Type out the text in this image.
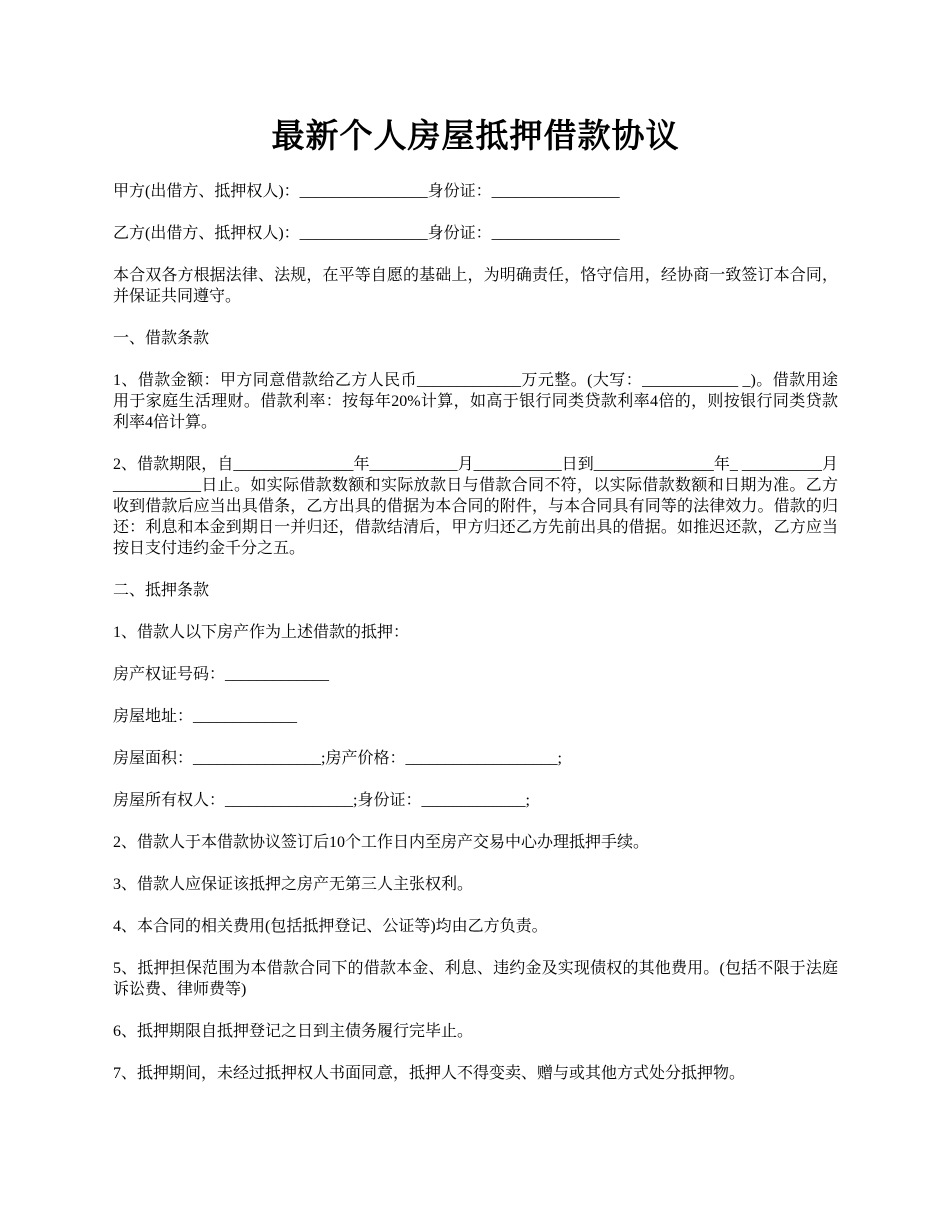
最新个人房屋抵押借款协议

甲方(出借方、抵押权人)：________________身份证：________________

乙方(出借方、抵押权人)：________________身份证：________________

本合双各方根据法律、法规，在平等自愿的基础上，为明确责任，恪守信用，经协商一致签订本合同，并保证共同遵守。

一、借款条款

1、借款金额：甲方同意借款给乙方人民币_____________万元整。(大写：____________ _)。借款用途用于家庭生活理财。借款利率：按每年20%计算，如高于银行同类贷款利率4倍的，则按银行同类贷款利率4倍计算。

2、借款期限，自_______________年___________月___________日到_______________年_ __________月___________日止。如实际借款数额和实际放款日与借款合同不符，以实际借款数额和日期为准。乙方收到借款后应当出具借条，乙方出具的借据为本合同的附件，与本合同具有同等的法律效力。借款的归还：利息和本金到期日一并归还，借款结清后，甲方归还乙方先前出具的借据。如推迟还款，乙方应当按日支付违约金千分之五。

二、抵押条款

1、借款人以下房产作为上述借款的抵押：

房产权证号码：_____________

房屋地址：_____________

房屋面积：________________;房产价格：___________________;

房屋所有权人：________________;身份证：_____________;

2、借款人于本借款协议签订后10个工作日内至房产交易中心办理抵押手续。

3、借款人应保证该抵押之房产无第三人主张权利。

4、本合同的相关费用(包括抵押登记、公证等)均由乙方负责。

5、抵押担保范围为本借款合同下的借款本金、利息、违约金及实现债权的其他费用。(包括不限于法庭诉讼费、律师费等)

6、抵押期限自抵押登记之日到主债务履行完毕止。

7、抵押期间，未经过抵押权人书面同意，抵押人不得变卖、赠与或其他方式处分抵押物。
